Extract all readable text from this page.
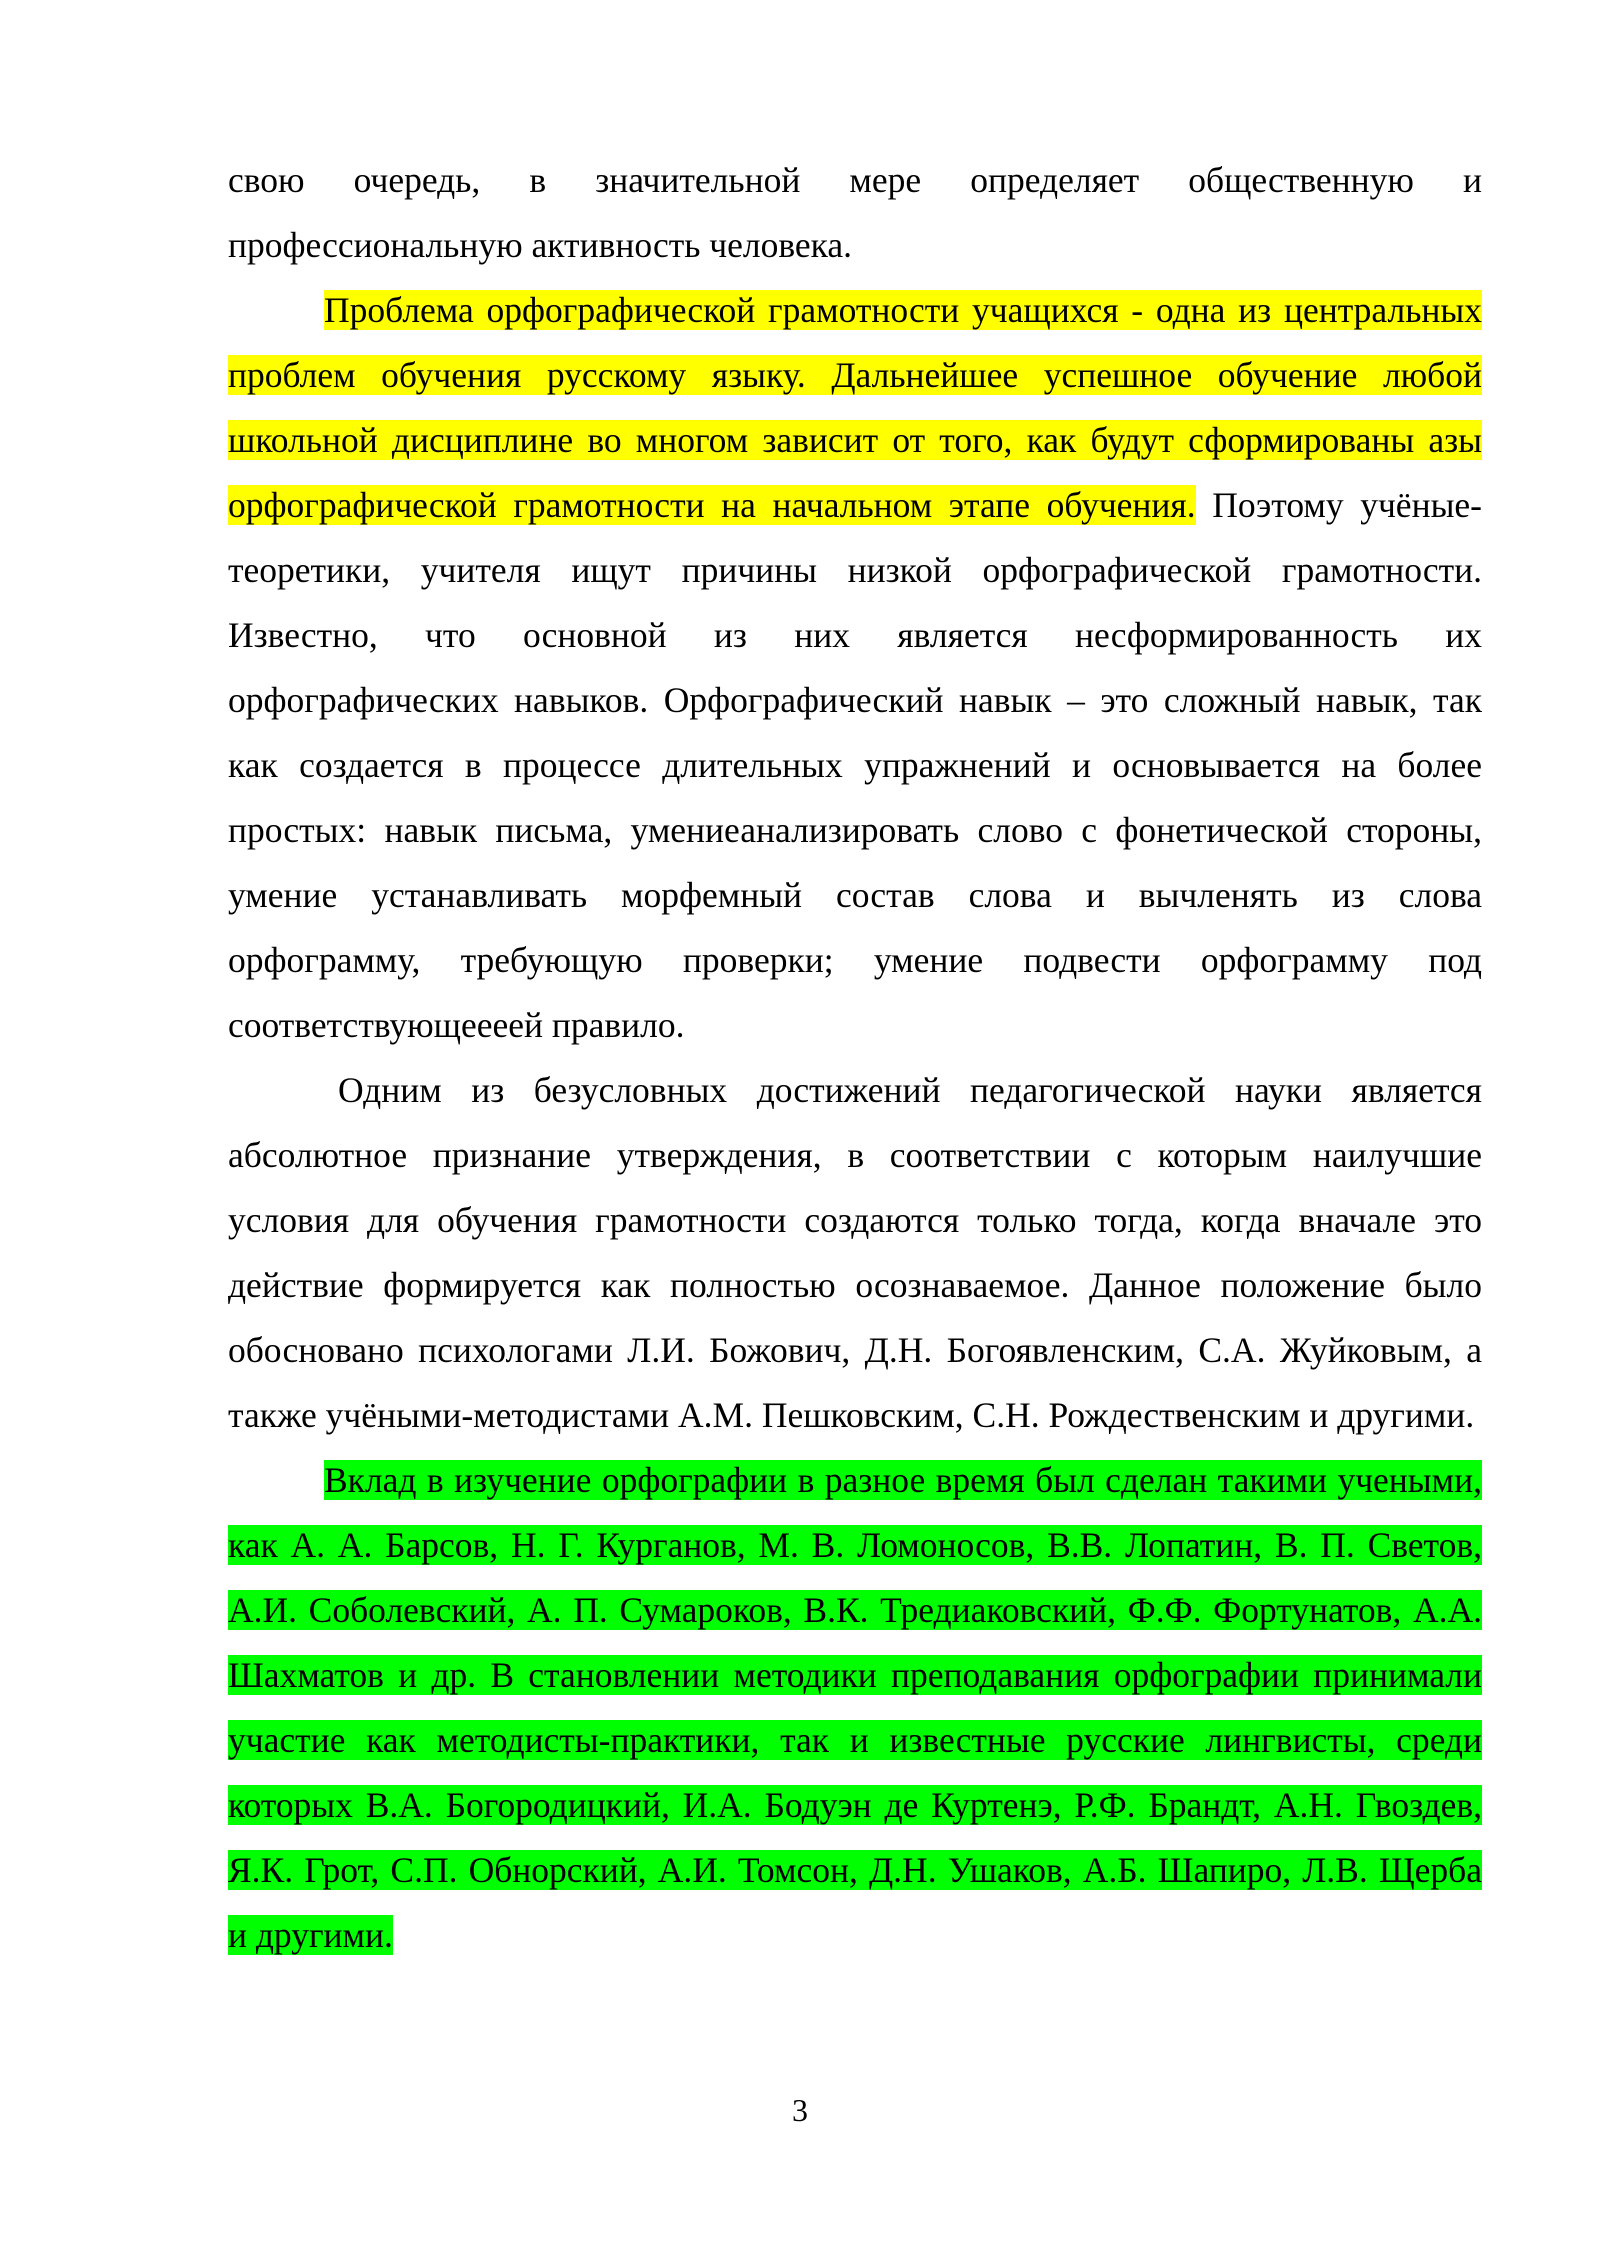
свою очередь, в значительной мере определяет общественную и профессиональную активность человека.

Проблема орфографической грамотности учащихся - одна из центральных проблем обучения русскому языку. Дальнейшее успешное обучение любой школьной дисциплине во многом зависит от того, как будут сформированы азы орфографической грамотности на начальном этапе обучения. Поэтому учёные-теоретики, учителя ищут причины низкой орфографической грамотности. Известно, что основной из них является несформированность их орфографических навыков. Орфографический навык – это сложный навык, так как создается в процессе длительных упражнений и основывается на более простых: навык письма, умениеанализировать слово с фонетической стороны, умение устанавливать морфемный состав слова и вычленять из слова орфограмму, требующую проверки; умение подвести орфограмму под соответствующеееей правило.

Одним из безусловных достижений педагогической науки является абсолютное признание утверждения, в соответствии с которым наилучшие условия для обучения грамотности создаются только тогда, когда вначале это действие формируется как полностью осознаваемое. Данное положение было обосновано психологами Л.И. Божович, Д.Н. Богоявленским, С.А. Жуйковым, а также учёными-методистами А.М. Пешковским, С.Н. Рождественским и другими.

Вклад в изучение орфографии в разное время был сделан такими учеными, как А. А. Барсов, Н. Г. Курганов, М. В. Ломоносов, В.В. Лопатин, В. П. Светов, А.И. Соболевский, А. П. Сумароков, В.К. Тредиаковский, Ф.Ф. Фортунатов, А.А. Шахматов и др. В становлении методики преподавания орфографии принимали участие как методисты-практики, так и известные русские лингвисты, среди которых В.А. Богородицкий, И.А. Бодуэн де Куртенэ, Р.Ф. Брандт, А.Н. Гвоздев, Я.К. Грот, С.П. Обнорский, А.И. Томсон, Д.Н. Ушаков, А.Б. Шапиро, Л.В. Щерба и другими.

3
